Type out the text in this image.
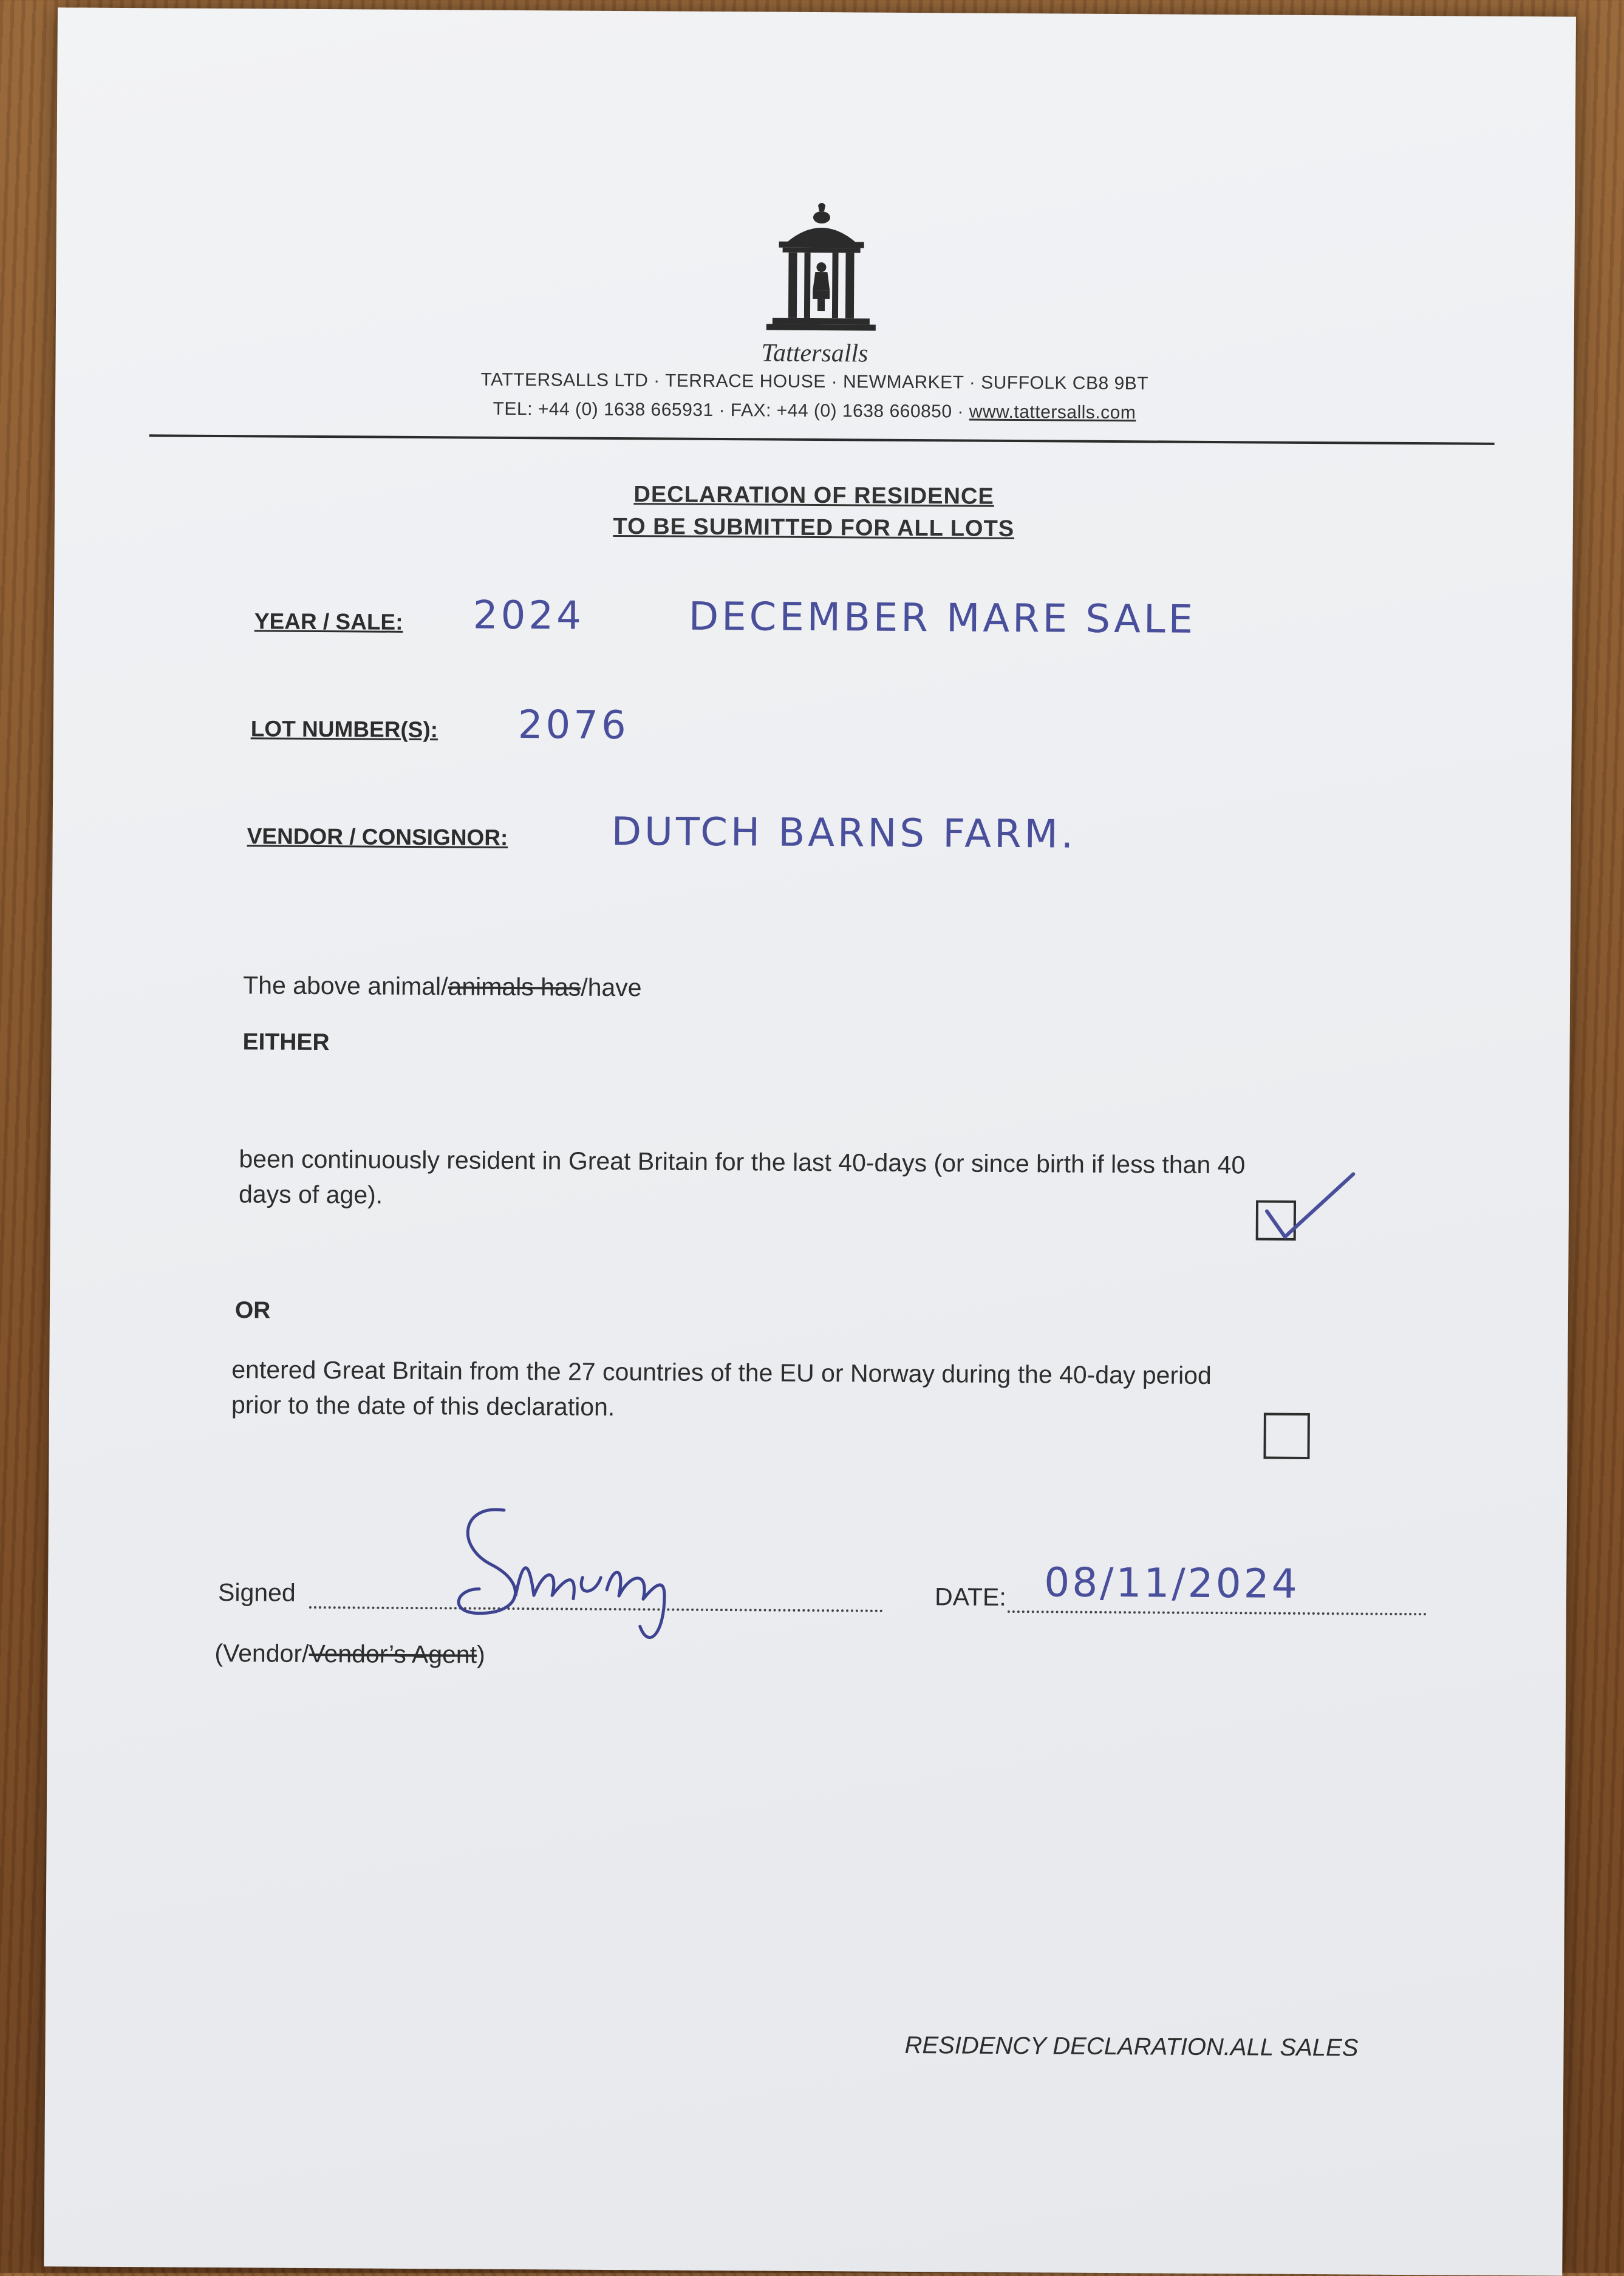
Tattersalls
TATTERSALLS LTD · TERRACE HOUSE · NEWMARKET · SUFFOLK CB8 9BT
TEL: +44 (0) 1638 665931 · FAX: +44 (0) 1638 660850 · www.tattersalls.com
DECLARATION OF RESIDENCE
TO BE SUBMITTED FOR ALL LOTS
YEAR / SALE: 2024	DECEMBER MARE SALE
LOT NUMBER(S): 2076
VENDOR / CONSIGNOR:	DUTCH BARNS FARM.
The above animal/animals has/have
EITHER
been continuously resident in Great Britain for the last 40-days (or since birth if less than 40
days of age).
OR
entered Great Britain from the 27 countries of the EU or Norway during the 40-day period
prior to the date of this declaration.
Signed	DATE: 08/11/2024
(Vendor/Vendor’s Agent)
RESIDENCY DECLARATION.ALL SALES
